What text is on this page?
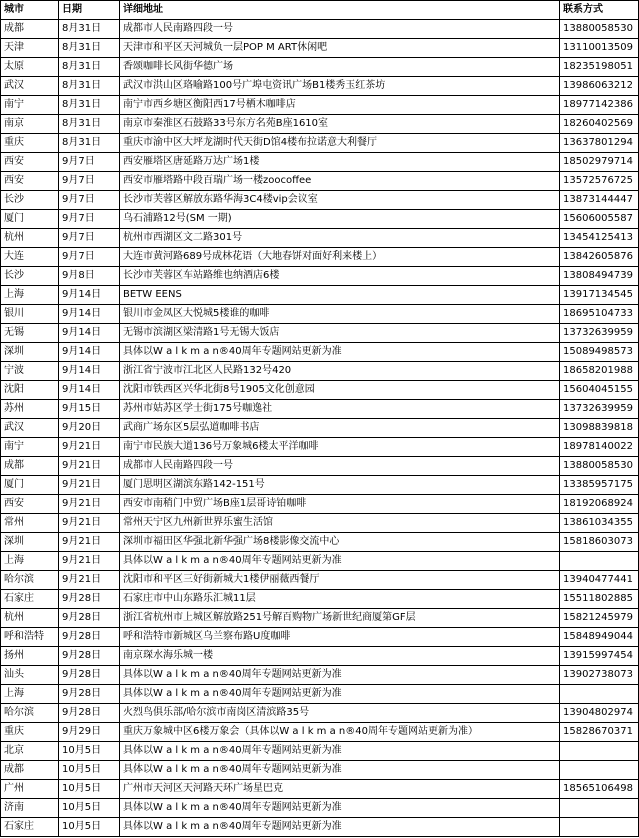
城市	日期	详细地址	联系方式
成都	8月31日	成都市人民南路四段一号	13880058530
天津	8月31日	天津市和平区天河城负一层POP M ART休闲吧	13110013509
太原	8月31日	香颂咖啡长风街华德广场	18235198051
武汉	8月31日	武汉市洪山区珞喻路100号广埠屯资讯广场B1楼秀玉红茶坊	13986063212
南宁	8月31日	南宁市西乡塘区衡阳西17号栖木咖啡店	18977142386
南京	8月31日	南京市秦淮区石鼓路33号东方名苑B座1610室	18260402569
重庆	8月31日	重庆市渝中区大坪龙湖时代天街D馆4楼布拉诺意大利餐厅	13637801294
西安	9月7日	西安雁塔区唐延路万达广场1楼	18502979714
西安	9月7日	西安市雁塔路中段百瑞广场一楼zoocoffee	13572576725
长沙	9月7日	长沙市芙蓉区解放东路华海3C4楼vip会议室	13873144447
厦门	9月7日	乌石浦路12号(SM 一期)	15606005587
杭州	9月7日	杭州市西湖区文二路301号	13454125413
大连	9月7日	大连市黄河路689号成林花语（大地春饼对面好利来楼上）	13842605876
长沙	9月8日	长沙市芙蓉区车站路维也纳酒店6楼	13808494739
上海	9月14日	BETW EENS	13917134545
银川	9月14日	银川市金凤区大悦城5楼谁的咖啡	18695104733
无锡	9月14日	无锡市滨湖区梁清路1号无锡大饭店	13732639959
深圳	9月14日	具体以W a l k m a n®40周年专题网站更新为准	15089498573
宁波	9月14日	浙江省宁波市江北区人民路132号420	18658201988
沈阳	9月14日	沈阳市铁西区兴华北街8号1905文化创意园	15604045155
苏州	9月15日	苏州市姑苏区学士街175号咖逸社	13732639959
武汉	9月20日	武商广场东区5层弘道咖啡书店	13098839818
南宁	9月21日	南宁市民族大道136号万象城6楼太平洋咖啡	18978140022
成都	9月21日	成都市人民南路四段一号	13880058530
厦门	9月21日	厦门思明区湖滨东路142-151号	13385957175
西安	9月21日	西安市南稍门中贸广场B座1层哥诗铂咖啡	18192068924
常州	9月21日	常州天宁区九州新世界乐蜜生活馆	13861034355
深圳	9月21日	深圳市福田区华强北新华强广场8楼影像交流中心	15818603073
上海	9月21日	具体以W a l k m a n®40周年专题网站更新为准	
哈尔滨	9月21日	沈阳市和平区三好街新城大1楼伊丽薇西餐厅	13940477441
石家庄	9月28日	石家庄市中山东路乐汇城11层	15511802885
杭州	9月28日	浙江省杭州市上城区解放路251号解百购物广场新世纪商厦第GF层	15821245979
呼和浩特	9月28日	呼和浩特市新城区乌兰察布路U度咖啡	15848949044
扬州	9月28日	南京琛水海乐城一楼	13915997454
汕头	9月28日	具体以W a l k m a n®40周年专题网站更新为准	13902738073
上海	9月28日	具体以W a l k m a n®40周年专题网站更新为准	
哈尔滨	9月28日	火烈鸟俱乐部/哈尔滨市南岗区清滨路35号	13904802974
重庆	9月29日	重庆万象城中区6楼万象会（具体以W a l k m a n®40周年专题网站更新为准）	15828670371
北京	10月5日	具体以W a l k m a n®40周年专题网站更新为准	
成都	10月5日	具体以W a l k m a n®40周年专题网站更新为准	
广州	10月5日	广州市天河区天河路天环广场星巴克	18565106498
济南	10月5日	具体以W a l k m a n®40周年专题网站更新为准	
石家庄	10月5日	具体以W a l k m a n®40周年专题网站更新为准	
